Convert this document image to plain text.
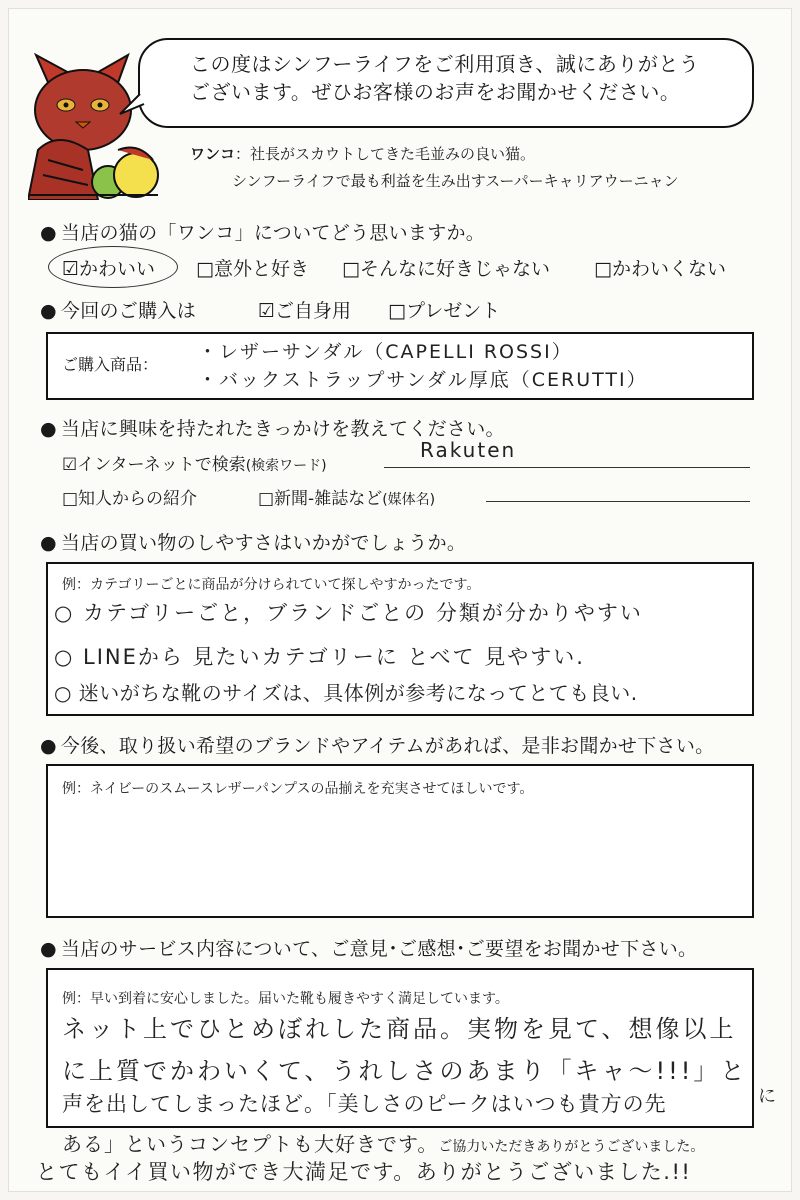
この度はシンフーライフをご利用頂き、誠にありがとう
ございます。ぜひお客様のお声をお聞かせください。
ワンコ：社長がスカウトしてきた毛並みの良い猫。
シンフーライフで最も利益を生み出すスーパーキャリアウーニャン
● 当店の猫の「ワンコ」についてどう思いますか。
☑かわいい □意外と好き □そんなに好きじゃない □かわいくない
● 今回のご購入は	☑ご自身用 □プレゼント
ご購入商品：
・レザーサンダル（CAPELLI ROSSI）
・バックストラップサンダル厚底（CERUTTI）
● 当店に興味を持たれたきっかけを教えてください。
☑インターネットで検索(検索ワード)
Rakuten
□知人からの紹介	□新聞-雑誌など(媒体名)
● 当店の買い物のしやすさはいかがでしょうか。
例：カテゴリーごとに商品が分けられていて探しやすかったです。
○ カテゴリーごと，ブランドごとの 分類が分かりやすい
○ LINEから 見たいカテゴリーに とべて 見やすい.
○ 迷いがちな靴のサイズは、具体例が参考になってとても良い.
● 今後、取り扱い希望のブランドやアイテムがあれば、是非お聞かせ下さい。
例：ネイビーのスムースレザーパンプスの品揃えを充実させてほしいです。
● 当店のサービス内容について、ご意見･ご感想･ご要望をお聞かせ下さい。
例：早い到着に安心しました。届いた靴も履きやすく満足しています。
ネット上でひとめぼれした商品。実物を見て、想像以上
に上質でかわいくて、うれしさのあまり「キャ〜!!!」と
声を出してしまったほど。「美しさのピークはいつも貴方の先	に
ある」というコンセプトも大好きです。ご協力いただきありがとうございました。
とてもイイ買い物ができ大満足です。ありがとうございました.!!
